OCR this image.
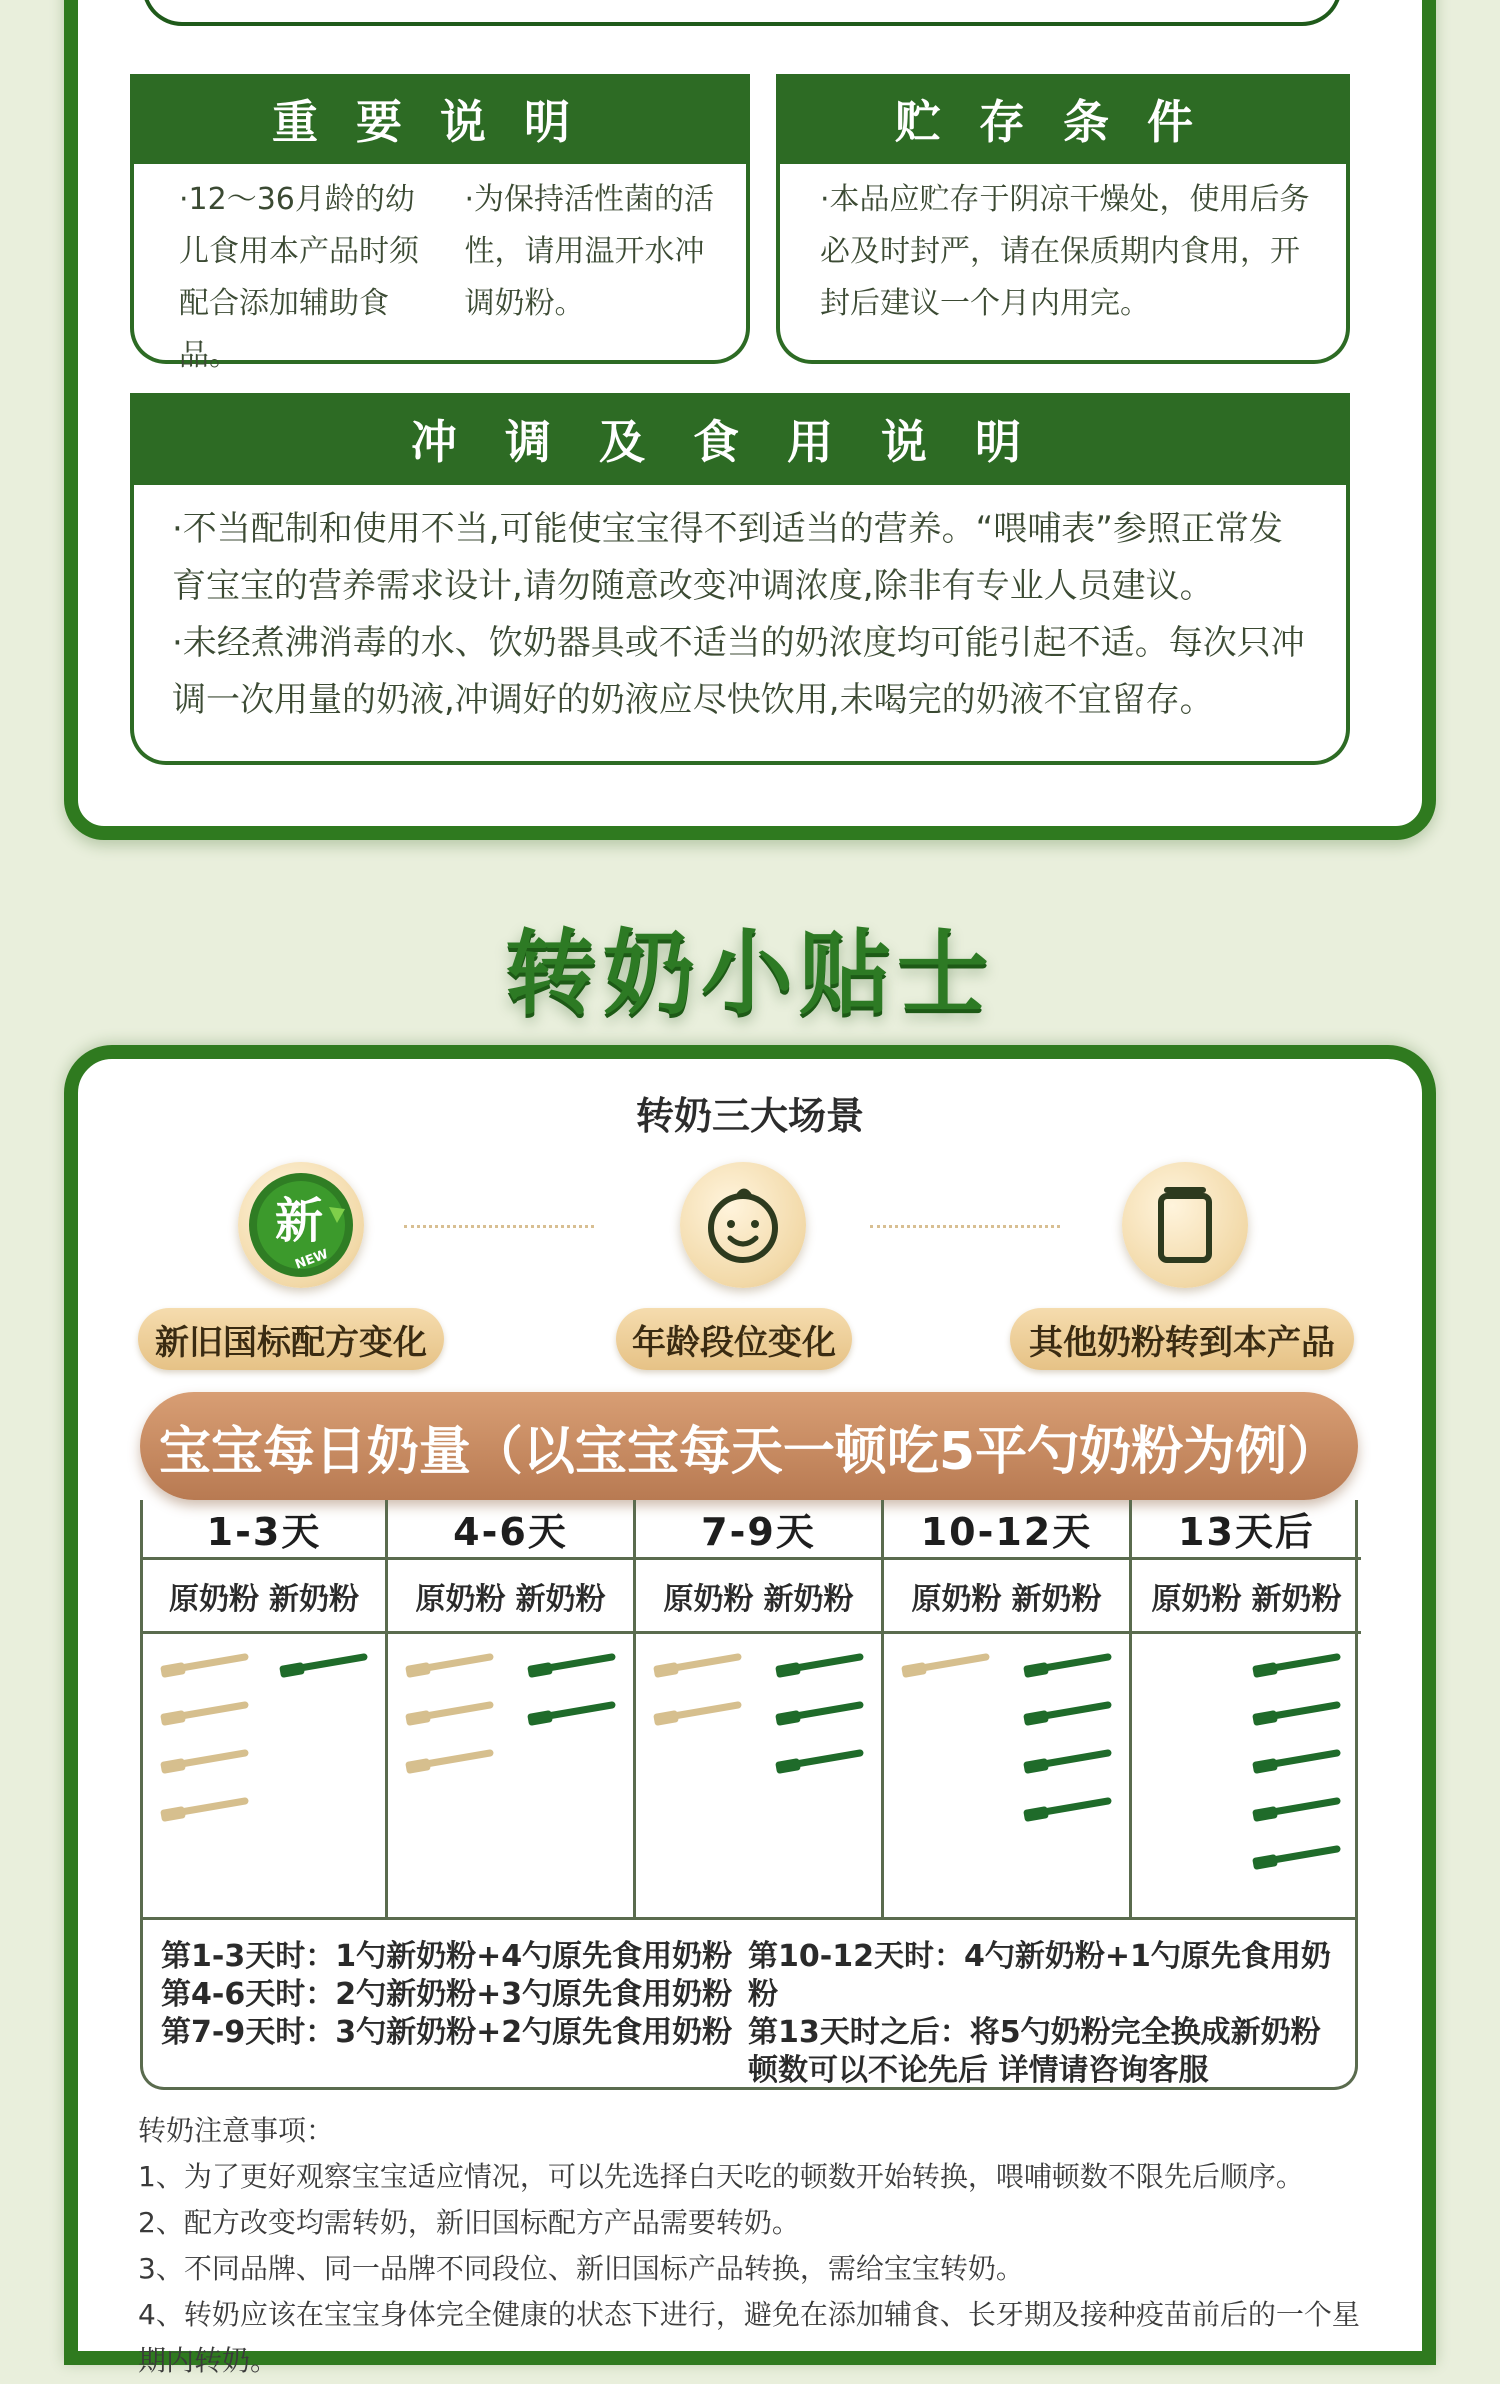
重要说明
·12～36月龄的幼儿食用本产品时须配合添加辅助食品。
·为保持活性菌的活性，请用温开水冲调奶粉。
贮存条件
·本品应贮存于阴凉干燥处，使用后务必及时封严，请在保质期内食用，开封后建议一个月内用完。
冲调及食用说明
·不当配制和使用不当,可能使宝宝得不到适当的营养。“喂哺表”参照正常发育宝宝的营养需求设计,请勿随意改变冲调浓度,除非有专业人员建议。
·未经煮沸消毒的水、饮奶器具或不适当的奶浓度均可能引起不适。每次只冲调一次用量的奶液,冲调好的奶液应尽快饮用,未喝完的奶液不宜留存。
转奶小贴士
转奶三大场景
新
NEW
新旧国标配方变化	年龄段位变化	其他奶粉转到本产品
宝宝每日奶量（以宝宝每天一顿吃5平勺奶粉为例）
1-3天
原奶粉 新奶粉
4-6天
原奶粉 新奶粉
7-9天
原奶粉 新奶粉
10-12天
原奶粉 新奶粉
13天后
原奶粉 新奶粉
第1-3天时：1勺新奶粉+4勺原先食用奶粉
第4-6天时：2勺新奶粉+3勺原先食用奶粉
第7-9天时：3勺新奶粉+2勺原先食用奶粉
第10-12天时：4勺新奶粉+1勺原先食用奶粉
第13天时之后：将5勺奶粉完全换成新奶粉
顿数可以不论先后 详情请咨询客服
转奶注意事项：
1、为了更好观察宝宝适应情况，可以先选择白天吃的顿数开始转换，喂哺顿数不限先后顺序。
2、配方改变均需转奶，新旧国标配方产品需要转奶。
3、不同品牌、同一品牌不同段位、新旧国标产品转换，需给宝宝转奶。
4、转奶应该在宝宝身体完全健康的状态下进行，避免在添加辅食、长牙期及接种疫苗前后的一个星期内转奶。
